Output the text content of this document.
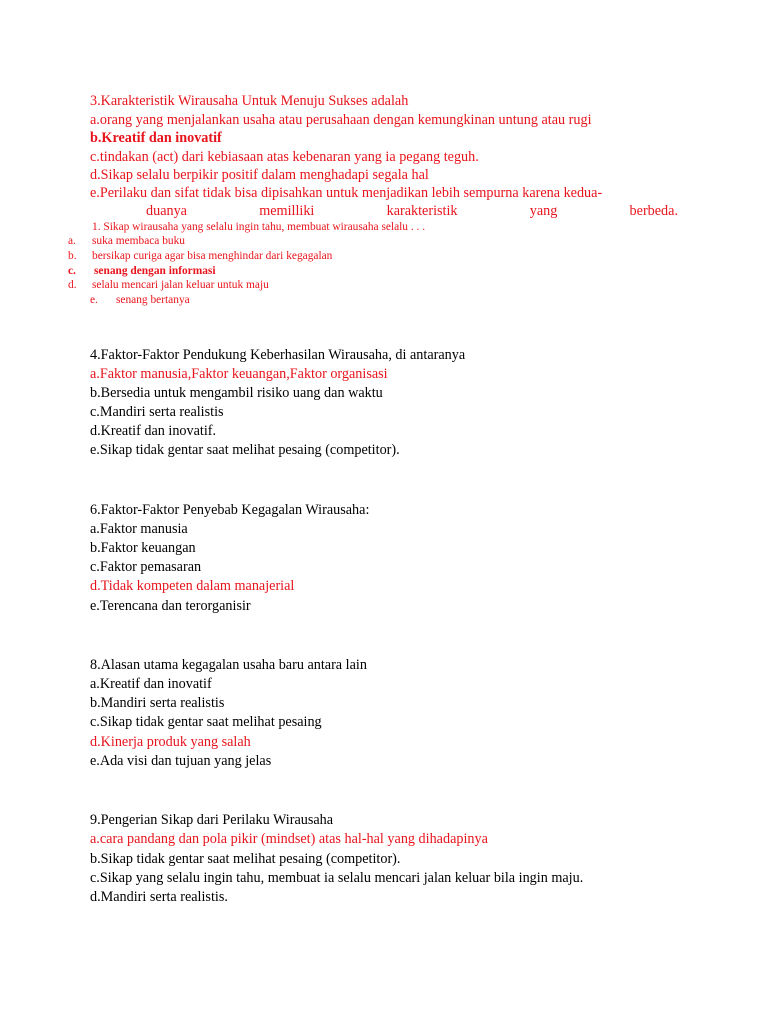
3.Karakteristik Wirausaha Untuk Menuju Sukses adalah
a.orang yang menjalankan usaha atau perusahaan dengan kemungkinan untung atau rugi
b.Kreatif dan inovatif
c.tindakan (act) dari kebiasaan atas kebenaran yang ia pegang teguh.
d.Sikap selalu berpikir positif dalam menghadapi segala hal
e.Perilaku dan sifat tidak bisa dipisahkan untuk menjadikan lebih sempurna karena kedua-
duanya	memilliki	karakteristik	yang	berbeda.
1. Sikap wirausaha yang selalu ingin tahu, membuat wirausaha selalu . . .
a. suka membaca buku
b. bersikap curiga agar bisa menghindar dari kegagalan
c. senang dengan informasi
d. selalu mencari jalan keluar untuk maju
e. senang bertanya
4.Faktor-Faktor Pendukung Keberhasilan Wirausaha, di antaranya
a.Faktor manusia,Faktor keuangan,Faktor organisasi
b.Bersedia untuk mengambil risiko uang dan waktu
c.Mandiri serta realistis
d.Kreatif dan inovatif.
e.Sikap tidak gentar saat melihat pesaing (competitor).
6.Faktor-Faktor Penyebab Kegagalan Wirausaha:
a.Faktor manusia
b.Faktor keuangan
c.Faktor pemasaran
d.Tidak kompeten dalam manajerial
e.Terencana dan terorganisir
8.Alasan utama kegagalan usaha baru antara lain
a.Kreatif dan inovatif
b.Mandiri serta realistis
c.Sikap tidak gentar saat melihat pesaing
d.Kinerja produk yang salah
e.Ada visi dan tujuan yang jelas
9.Pengerian Sikap dari Perilaku Wirausaha
a.cara pandang dan pola pikir (mindset) atas hal-hal yang dihadapinya
b.Sikap tidak gentar saat melihat pesaing (competitor).
c.Sikap yang selalu ingin tahu, membuat ia selalu mencari jalan keluar bila ingin maju.
d.Mandiri serta realistis.
